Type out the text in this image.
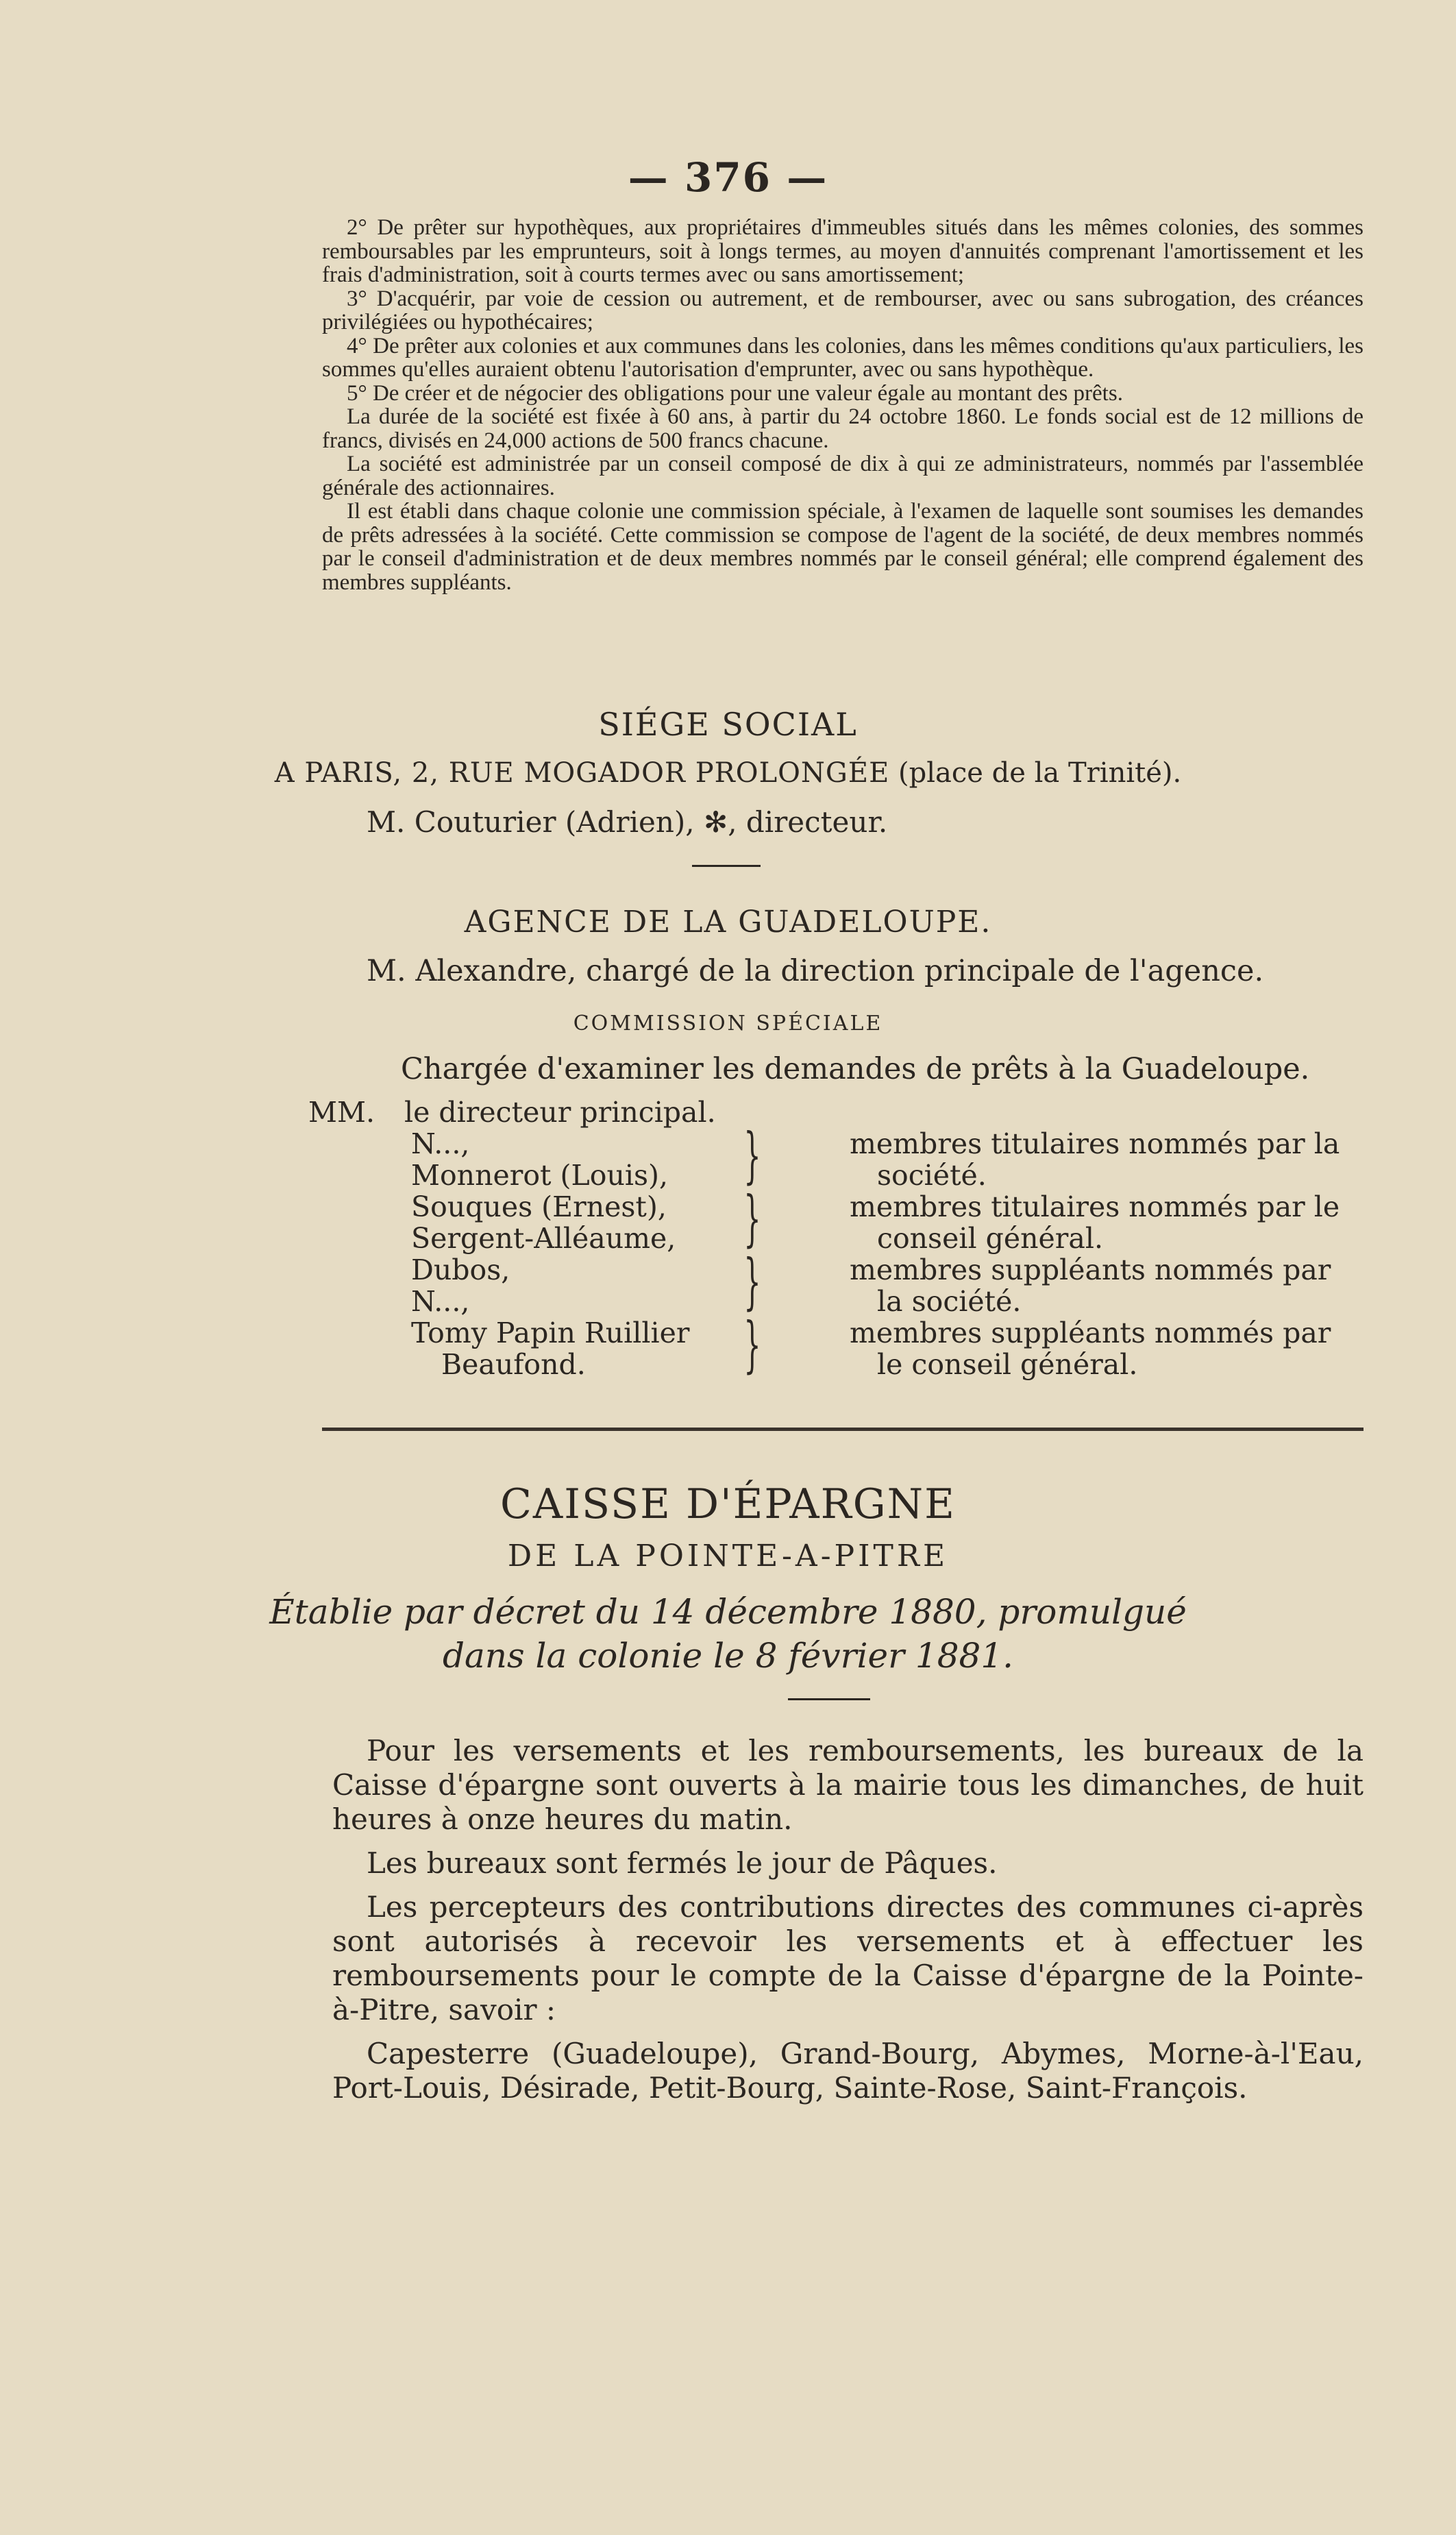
— 376 —

2° De prêter sur hypothèques, aux propriétaires d'immeubles situés dans les mêmes colonies, des sommes remboursables par les emprunteurs, soit à longs termes, au moyen d'annuités comprenant l'amortissement et les frais d'administration, soit à courts termes avec ou sans amortissement;

3° D'acquérir, par voie de cession ou autrement, et de rembourser, avec ou sans subrogation, des créances privilégiées ou hypothécaires;

4° De prêter aux colonies et aux communes dans les colonies, dans les mêmes conditions qu'aux particuliers, les sommes qu'elles auraient obtenu l'autorisation d'emprunter, avec ou sans hypothèque.

5° De créer et de négocier des obligations pour une valeur égale au montant des prêts.

La durée de la société est fixée à 60 ans, à partir du 24 octobre 1860. Le fonds social est de 12 millions de francs, divisés en 24,000 actions de 500 francs chacune.

La société est administrée par un conseil composé de dix à qui ze administrateurs, nommés par l'assemblée générale des actionnaires.

Il est établi dans chaque colonie une commission spéciale, à l'examen de laquelle sont soumises les demandes de prêts adressées à la société. Cette commission se compose de l'agent de la société, de deux membres nommés par le conseil d'administration et de deux membres nommés par le conseil général; elle comprend également des membres suppléants.

SIÉGE SOCIAL
A PARIS, 2, RUE MOGADOR PROLONGÉE (place de la Trinité).
M. Couturier (Adrien), ✻, directeur.
AGENCE DE LA GUADELOUPE.
M. Alexandre, chargé de la direction principale de l'agence.
COMMISSION SPÉCIALE
Chargée d'examiner les demandes de prêts à la Guadeloupe.
MM. le directeur principal.
N...,
Monnerot (Louis), }	membres titulaires nommés par la
société.
Souques (Ernest),
Sergent-Alléaume, }	membres titulaires nommés par le
conseil général.
Dubos,
N...,	}	membres suppléants nommés par
la société.
Tomy Papin Ruillier
Beaufond.	}	membres suppléants nommés par
le conseil général.
CAISSE D'ÉPARGNE
DE LA POINTE-A-PITRE
Établie par décret du 14 décembre 1880, promulgué
dans la colonie le 8 février 1881.

Pour les versements et les remboursements, les bureaux de la Caisse d'épargne sont ouverts à la mairie tous les dimanches, de huit heures à onze heures du matin.

Les bureaux sont fermés le jour de Pâques.

Les percepteurs des contributions directes des communes ci-après sont autorisés à recevoir les versements et à effectuer les remboursements pour le compte de la Caisse d'épargne de la Pointe-à-Pitre, savoir :

Capesterre (Guadeloupe), Grand-Bourg, Abymes, Morne-à-l'Eau, Port-Louis, Désirade, Petit-Bourg, Sainte-Rose, Saint-François.
